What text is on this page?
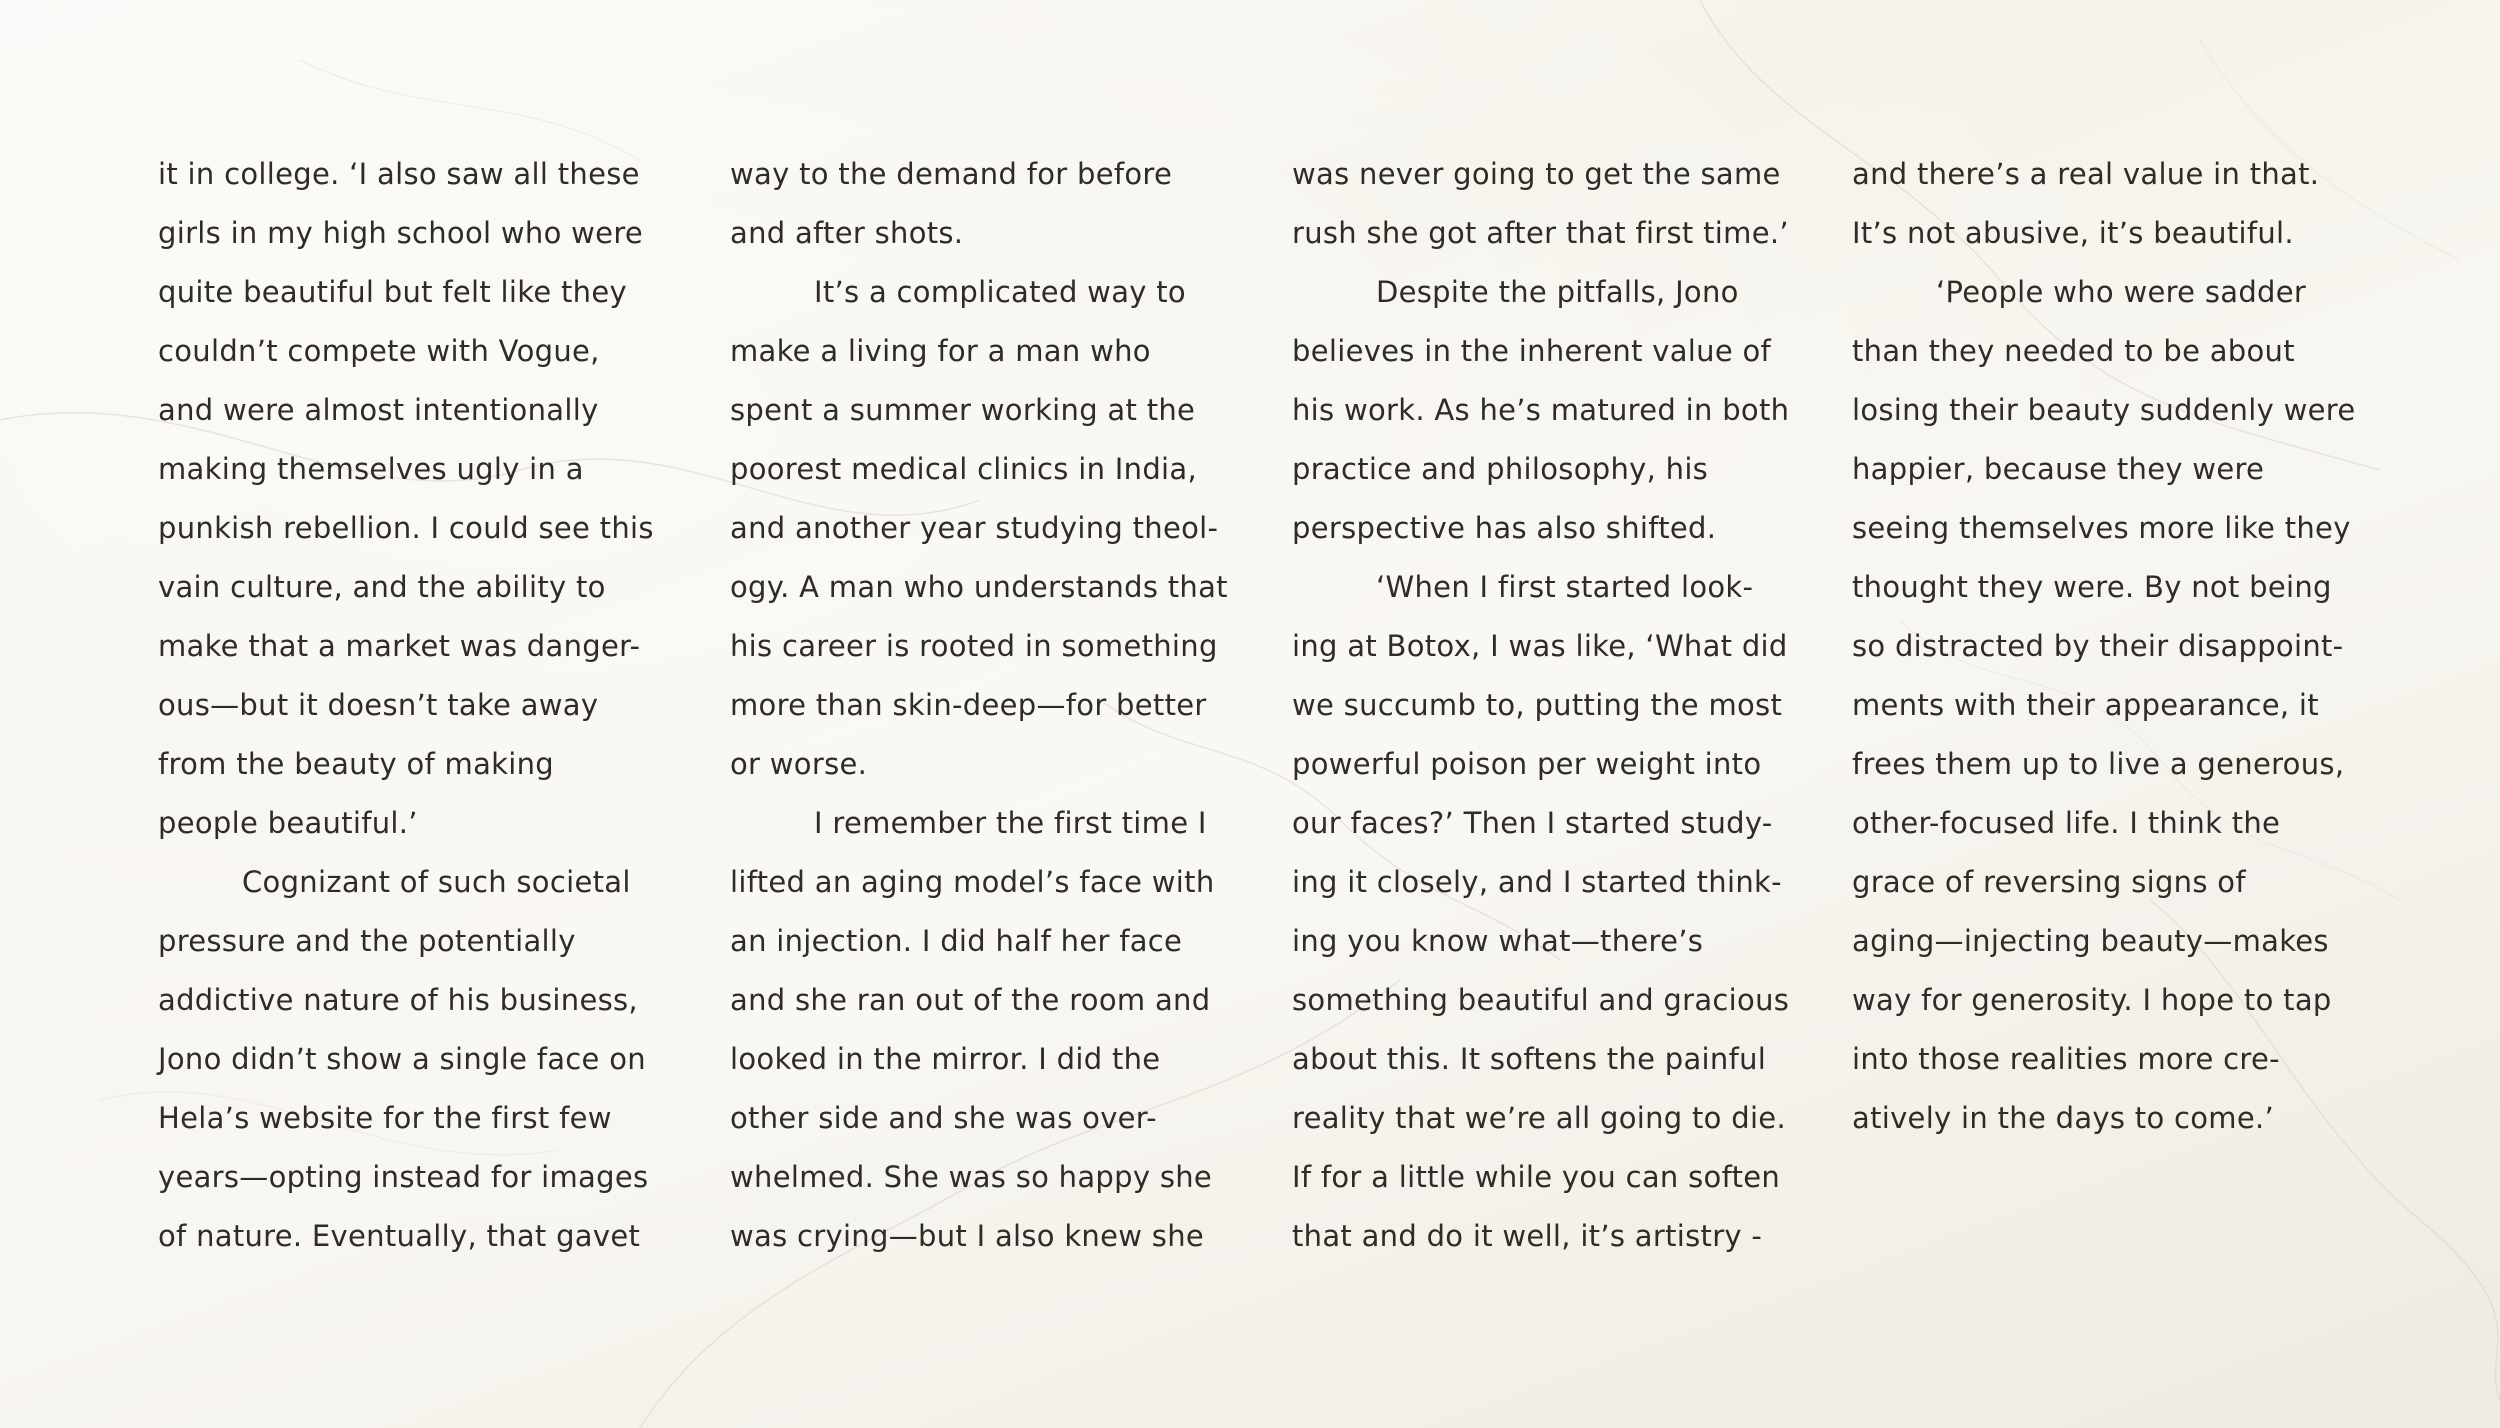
it in college. ‘I also saw all these
girls in my high school who were
quite beautiful but felt like they
couldn’t compete with Vogue,
and were almost intentionally
making themselves ugly in a
punkish rebellion. I could see this
vain culture, and the ability to
make that a market was danger-
ous—but it doesn’t take away
from the beauty of making
people beautiful.’
Cognizant of such societal
pressure and the potentially
addictive nature of his business,
Jono didn’t show a single face on
Hela’s website for the first few
years—opting instead for images
of nature. Eventually, that gavet
way to the demand for before
and after shots.
It’s a complicated way to
make a living for a man who
spent a summer working at the
poorest medical clinics in India,
and another year studying theol-
ogy. A man who understands that
his career is rooted in something
more than skin-deep—for better
or worse.
I remember the first time I
lifted an aging model’s face with
an injection. I did half her face
and she ran out of the room and
looked in the mirror. I did the
other side and she was over-
whelmed. She was so happy she
was crying—but I also knew she
was never going to get the same
rush she got after that first time.’
Despite the pitfalls, Jono
believes in the inherent value of
his work. As he’s matured in both
practice and philosophy, his
perspective has also shifted.
‘When I first started look-
ing at Botox, I was like, ‘What did
we succumb to, putting the most
powerful poison per weight into
our faces?’ Then I started study-
ing it closely, and I started think-
ing you know what—there’s
something beautiful and gracious
about this. It softens the painful
reality that we’re all going to die.
If for a little while you can soften
that and do it well, it’s artistry -
and there’s a real value in that.
It’s not abusive, it’s beautiful.
‘People who were sadder
than they needed to be about
losing their beauty suddenly were
happier, because they were
seeing themselves more like they
thought they were. By not being
so distracted by their disappoint-
ments with their appearance, it
frees them up to live a generous,
other-focused life. I think the
grace of reversing signs of
aging—injecting beauty—makes
way for generosity. I hope to tap
into those realities more cre-
atively in the days to come.’
